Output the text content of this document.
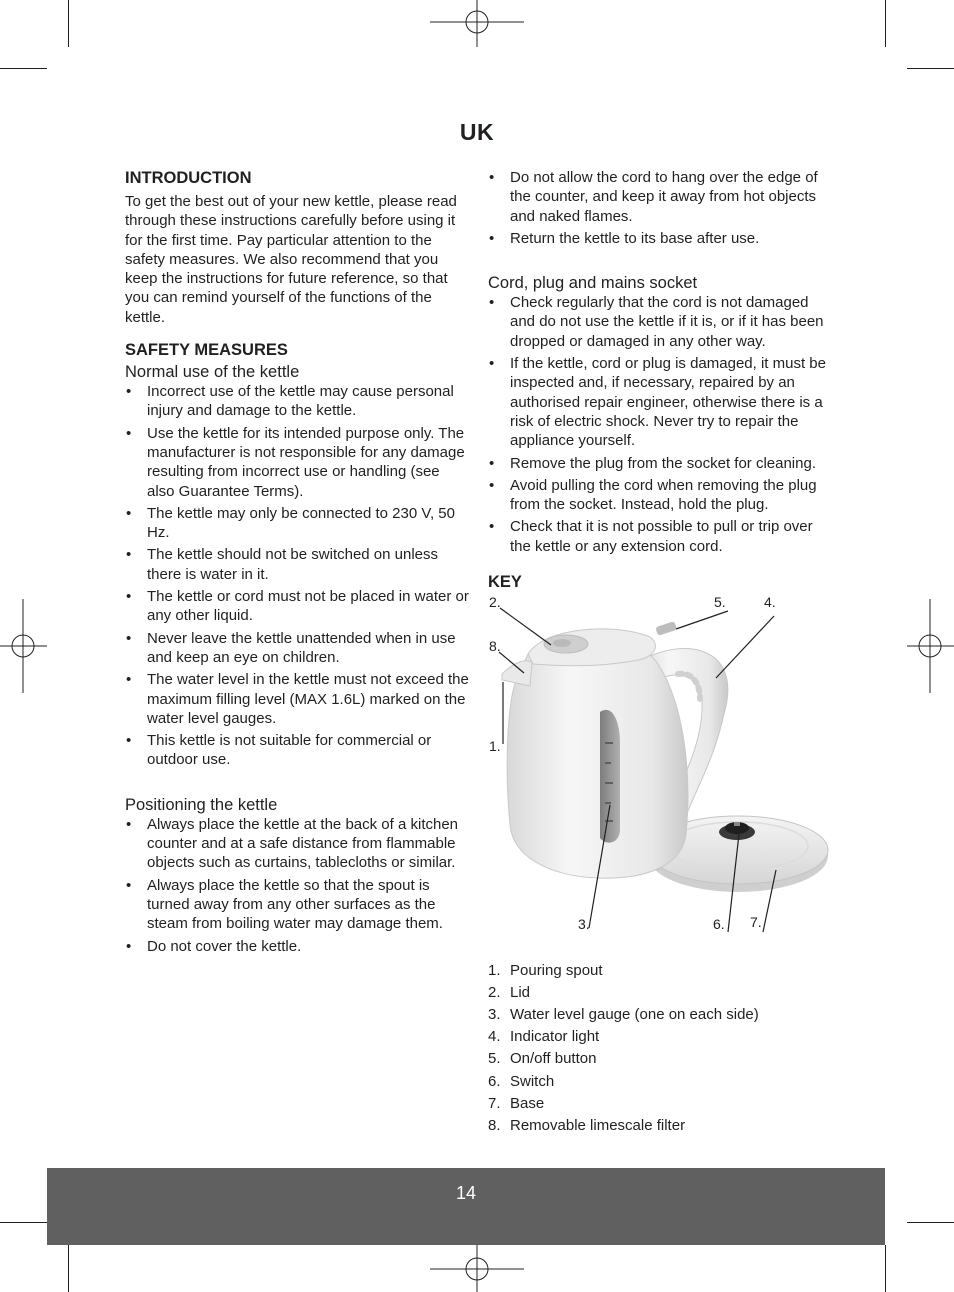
UK
INTRODUCTION

To get the best out of your new kettle, please read through these instructions carefully before using it for the first time. Pay particular attention to the safety measures. We also recommend that you keep the instructions for future reference, so that you can remind yourself of the functions of the kettle.

SAFETY MEASURES
Normal use of the kettle
• Incorrect use of the kettle may cause personal injury and damage to the kettle.
• Use the kettle for its intended purpose only. The manufacturer is not responsible for any damage resulting from incorrect use or handling (see also Guarantee Terms).
• The kettle may only be connected to 230 V, 50 Hz.
• The kettle should not be switched on unless there is water in it.
• The kettle or cord must not be placed in water or any other liquid.
• Never leave the kettle unattended when in use and keep an eye on children.
• The water level in the kettle must not exceed the maximum filling level (MAX 1.6L) marked on the water level gauges.
• This kettle is not suitable for commercial or outdoor use.
Positioning the kettle
• Always place the kettle at the back of a kitchen counter and at a safe distance from flammable objects such as curtains, tablecloths or similar.
• Always place the kettle so that the spout is turned away from any other surfaces as the steam from boiling water may damage them.
• Do not cover the kettle.
• Do not allow the cord to hang over the edge of the counter, and keep it away from hot objects and naked flames.
• Return the kettle to its base after use.
Cord, plug and mains socket
• Check regularly that the cord is not damaged and do not use the kettle if it is, or if it has been dropped or damaged in any other way.
• If the kettle, cord or plug is damaged, it must be inspected and, if necessary, repaired by an authorised repair engineer, otherwise there is a risk of electric shock. Never try to repair the appliance yourself.
• Remove the plug from the socket for cleaning.
• Avoid pulling the cord when removing the plug from the socket. Instead, hold the plug.
• Check that it is not possible to pull or trip over the kettle or any extension cord.
KEY
2.	5.	4.
8.
1.
3.	6. 7.
1. Pouring spout
2. Lid
3. Water level gauge (one on each side)
4. Indicator light
5. On/off button
6. Switch
7. Base
8. Removable limescale filter
14
